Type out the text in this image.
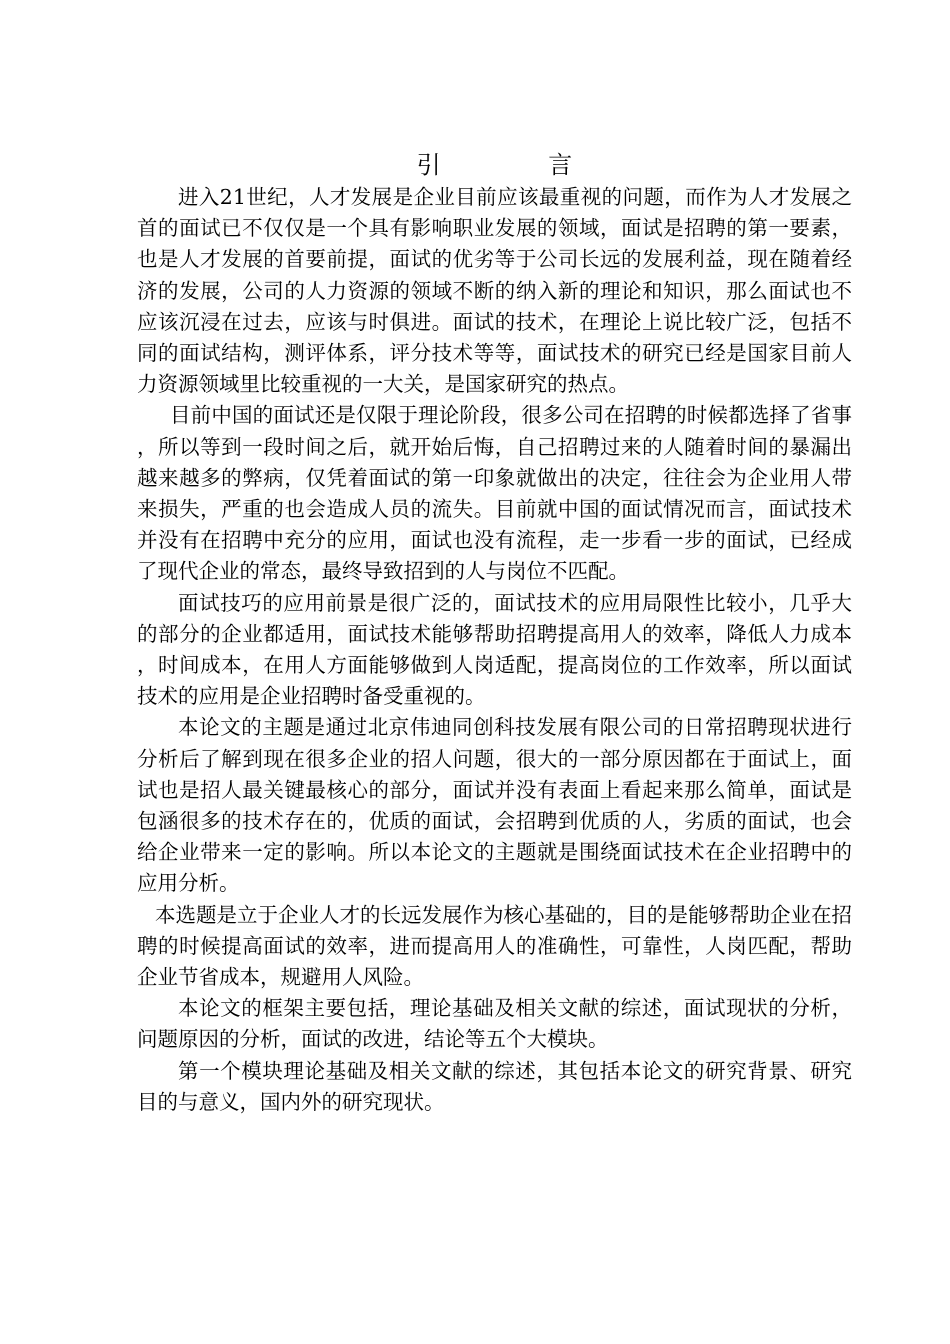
引 言

进入21世纪，人才发展是企业目前应该最重视的问题，而作为人才发展之首的面试已不仅仅是一个具有影响职业发展的领域，面试是招聘的第一要素，也是人才发展的首要前提，面试的优劣等于公司长远的发展利益，现在随着经济的发展，公司的人力资源的领域不断的纳入新的理论和知识，那么面试也不应该沉浸在过去，应该与时俱进。面试的技术，在理论上说比较广泛，包括不同的面试结构，测评体系，评分技术等等，面试技术的研究已经是国家目前人力资源领域里比较重视的一大关，是国家研究的热点。

目前中国的面试还是仅限于理论阶段，很多公司在招聘的时候都选择了省事，所以等到一段时间之后，就开始后悔，自己招聘过来的人随着时间的暴漏出越来越多的弊病，仅凭着面试的第一印象就做出的决定，往往会为企业用人带来损失，严重的也会造成人员的流失。目前就中国的面试情况而言，面试技术并没有在招聘中充分的应用，面试也没有流程，走一步看一步的面试，已经成了现代企业的常态，最终导致招到的人与岗位不匹配。

面试技巧的应用前景是很广泛的，面试技术的应用局限性比较小，几乎大的部分的企业都适用，面试技术能够帮助招聘提高用人的效率，降低人力成本，时间成本，在用人方面能够做到人岗适配，提高岗位的工作效率，所以面试技术的应用是企业招聘时备受重视的。

本论文的主题是通过北京伟迪同创科技发展有限公司的日常招聘现状进行分析后了解到现在很多企业的招人问题，很大的一部分原因都在于面试上，面试也是招人最关键最核心的部分，面试并没有表面上看起来那么简单，面试是包涵很多的技术存在的，优质的面试，会招聘到优质的人，劣质的面试，也会给企业带来一定的影响。所以本论文的主题就是围绕面试技术在企业招聘中的应用分析。

本选题是立于企业人才的长远发展作为核心基础的，目的是能够帮助企业在招聘的时候提高面试的效率，进而提高用人的准确性，可靠性，人岗匹配，帮助企业节省成本，规避用人风险。

本论文的框架主要包括，理论基础及相关文献的综述，面试现状的分析，问题原因的分析，面试的改进，结论等五个大模块。

第一个模块理论基础及相关文献的综述，其包括本论文的研究背景、研究目的与意义，国内外的研究现状。
